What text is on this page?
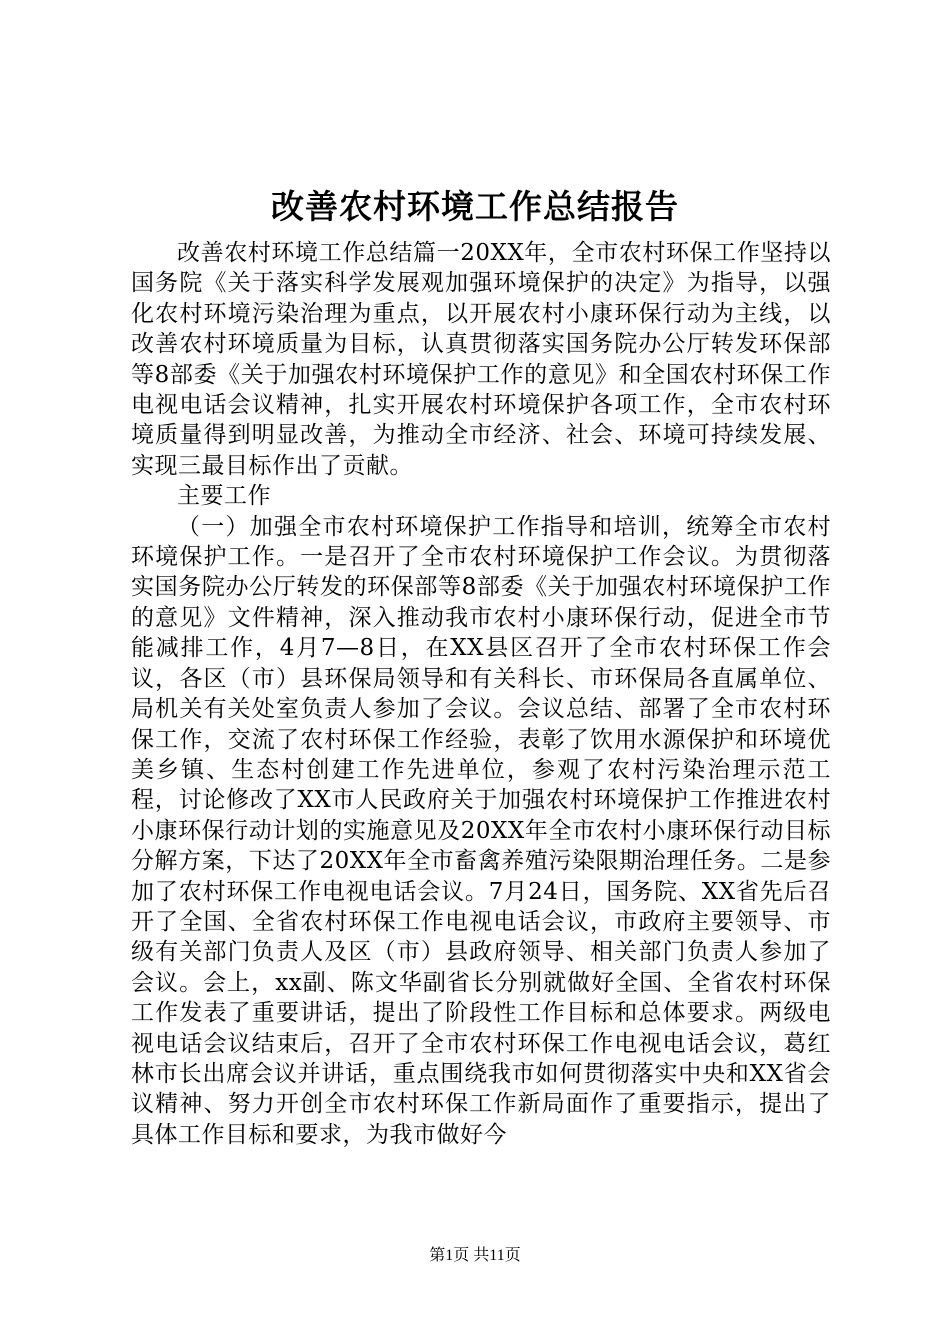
改善农村环境工作总结报告

改善农村环境工作总结篇一20XX年，全市农村环保工作坚持以国务院《关于落实科学发展观加强环境保护的决定》为指导，以强化农村环境污染治理为重点，以开展农村小康环保行动为主线，以改善农村环境质量为目标，认真贯彻落实国务院办公厅转发环保部等8部委《关于加强农村环境保护工作的意见》和全国农村环保工作电视电话会议精神，扎实开展农村环境保护各项工作，全市农村环境质量得到明显改善，为推动全市经济、社会、环境可持续发展、实现三最目标作出了贡献。

主要工作

（一）加强全市农村环境保护工作指导和培训，统筹全市农村环境保护工作。一是召开了全市农村环境保护工作会议。为贯彻落实国务院办公厅转发的环保部等8部委《关于加强农村环境保护工作的意见》文件精神，深入推动我市农村小康环保行动，促进全市节能减排工作，4月7—8日，在XX县区召开了全市农村环保工作会议，各区（市）县环保局领导和有关科长、市环保局各直属单位、局机关有关处室负责人参加了会议。会议总结、部署了全市农村环保工作，交流了农村环保工作经验，表彰了饮用水源保护和环境优美乡镇、生态村创建工作先进单位，参观了农村污染治理示范工程，讨论修改了XX市人民政府关于加强农村环境保护工作推进农村小康环保行动计划的实施意见及20XX年全市农村小康环保行动目标分解方案，下达了20XX年全市畜禽养殖污染限期治理任务。二是参加了农村环保工作电视电话会议。7月24日，国务院、XX省先后召开了全国、全省农村环保工作电视电话会议，市政府主要领导、市级有关部门负责人及区（市）县政府领导、相关部门负责人参加了会议。会上，xx副、陈文华副省长分别就做好全国、全省农村环保工作发表了重要讲话，提出了阶段性工作目标和总体要求。两级电视电话会议结束后，召开了全市农村环保工作电视电话会议，葛红林市长出席会议并讲话，重点围绕我市如何贯彻落实中央和XX省会议精神、努力开创全市农村环保工作新局面作了重要指示，提出了具体工作目标和要求，为我市做好今

第1页 共11页
